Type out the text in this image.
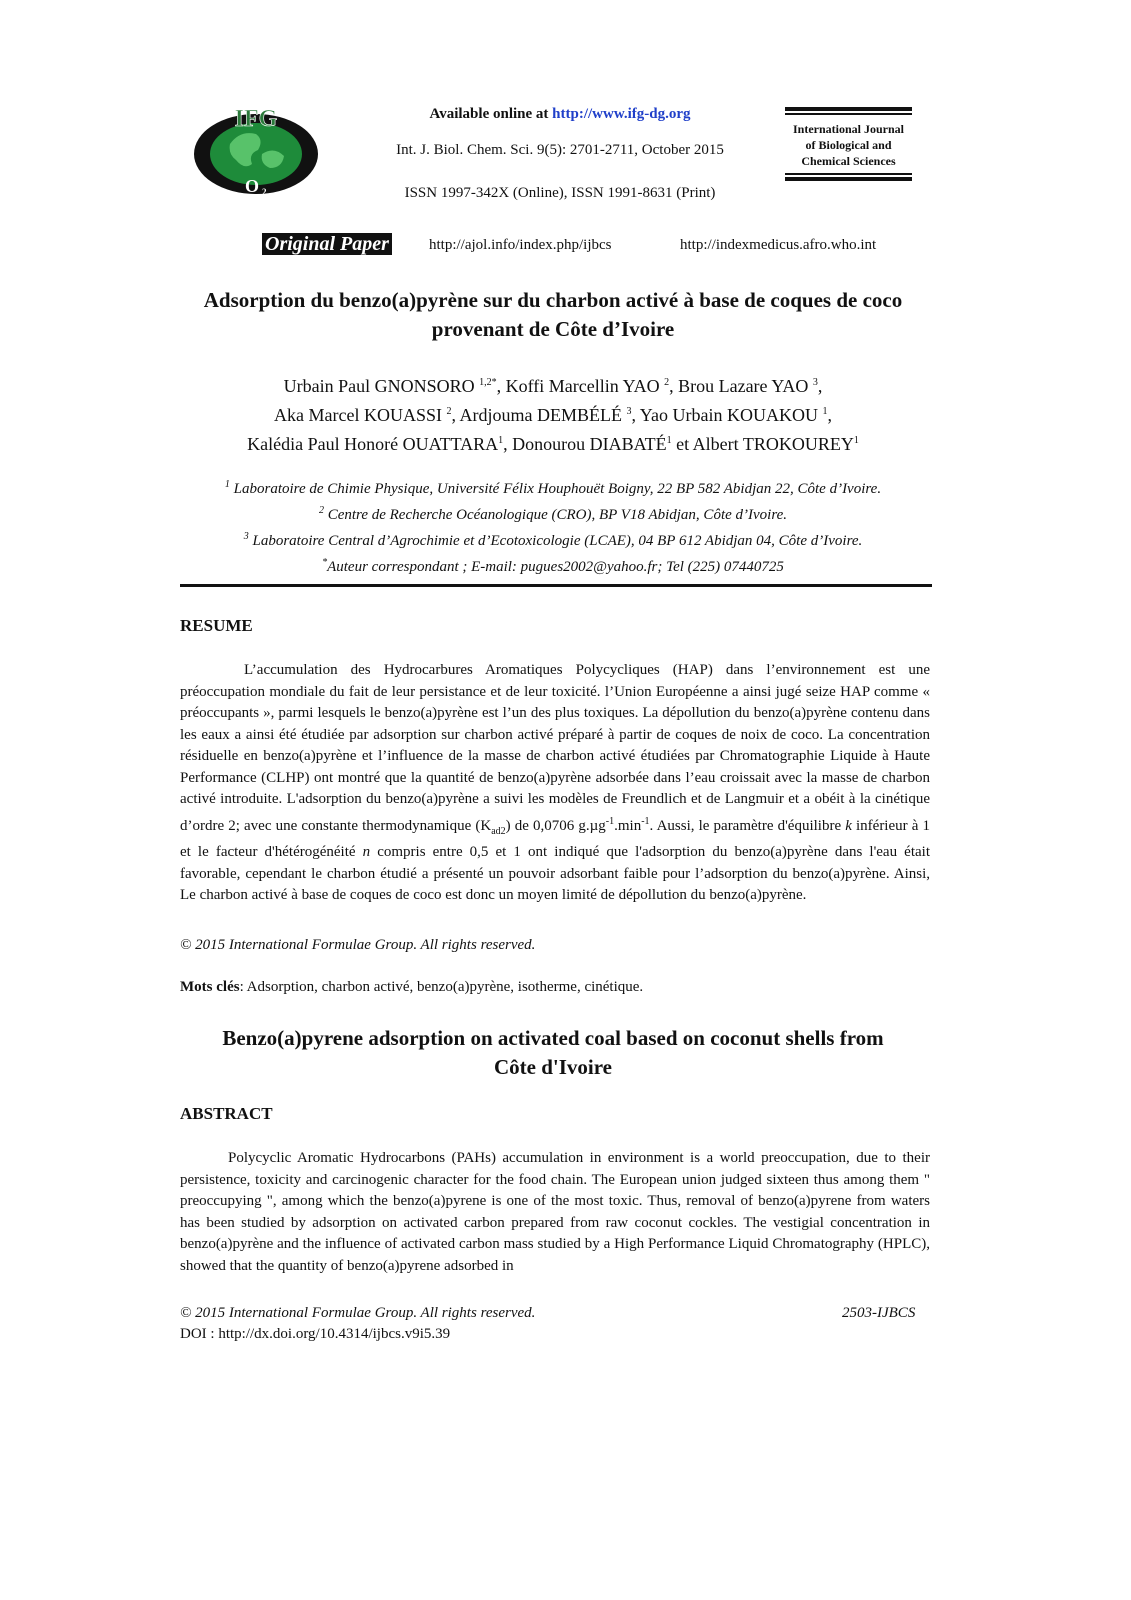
IFG
O 2
Available online at http://www.ifg-dg.org
Int. J. Biol. Chem. Sci. 9(5): 2701-2711, October 2015
ISSN 1997-342X (Online), ISSN 1991-8631 (Print)
International Journal
of Biological and
Chemical Sciences
Original Paper	http://ajol.info/index.php/ijbcs	http://indexmedicus.afro.who.int
Adsorption du benzo(a)pyrène sur du charbon activé à base de coques de coco
provenant de Côte d’Ivoire
Urbain Paul GNONSORO $^{1,2*}$, Koffi Marcellin YAO $^2$, Brou Lazare YAO $^3$,
Aka Marcel KOUASSI $^2$, Ardjouma DEMBÉLÉ $^3$, Yao Urbain KOUAKOU $^1$,
Kalédia Paul Honoré OUATTARA$^1$, Donourou DIABATÉ$^1$ et Albert TROKOUREY$^1$
$^1$ Laboratoire de Chimie Physique, Université Félix Houphouët Boigny, 22 BP 582 Abidjan 22, Côte d’Ivoire.
$^2$ Centre de Recherche Océanologique (CRO), BP V18 Abidjan, Côte d’Ivoire.
$^3$ Laboratoire Central d’Agrochimie et d’Ecotoxicologie (LCAE), 04 BP 612 Abidjan 04, Côte d’Ivoire.
*Auteur correspondant ; E-mail: pugues2002@yahoo.fr; Tel (225) 07440725
RESUME
L’accumulation des Hydrocarbures Aromatiques Polycycliques (HAP) dans l’environnement est une préoccupation mondiale du fait de leur persistance et de leur toxicité. l’Union Européenne a ainsi jugé seize HAP comme « préoccupants », parmi lesquels le benzo(a)pyrène est l’un des plus toxiques. La dépollution du benzo(a)pyrène contenu dans les eaux a ainsi été étudiée par adsorption sur charbon activé préparé à partir de coques de noix de coco. La concentration résiduelle en benzo(a)pyrène et l’influence de la masse de charbon activé étudiées par Chromatographie Liquide à Haute Performance (CLHP) ont montré que la quantité de benzo(a)pyrène adsorbée dans l’eau croissait avec la masse de charbon activé introduite. L'adsorption du benzo(a)pyrène a suivi les modèles de Freundlich et de Langmuir et a obéit à la cinétique d’ordre 2; avec une constante thermodynamique $(K_{ad2})$ de 0,0706 $g.\mu g^{-1}.\min^{-1}$. Aussi, le paramètre d'équilibre k inférieur à 1 et le facteur d'hétérogénéité n compris entre 0,5 et 1 ont indiqué que l'adsorption du benzo(a)pyrène dans l'eau était favorable, cependant le charbon étudié a présenté un pouvoir adsorbant faible pour l’adsorption du benzo(a)pyrène. Ainsi, Le charbon activé à base de coques de coco est donc un moyen limité de dépollution du benzo(a)pyrène.
© 2015 International Formulae Group. All rights reserved.
Mots clés: Adsorption, charbon activé, benzo(a)pyrène, isotherme, cinétique.
Benzo(a)pyrene adsorption on activated coal based on coconut shells from
Côte d'Ivoire
ABSTRACT
Polycyclic Aromatic Hydrocarbons (PAHs) accumulation in environment is a world preoccupation, due to their persistence, toxicity and carcinogenic character for the food chain. The European union judged sixteen thus among them " preoccupying ", among which the benzo(a)pyrene is one of the most toxic. Thus, removal of benzo(a)pyrene from waters has been studied by adsorption on activated carbon prepared from raw coconut cockles. The vestigial concentration in benzo(a)pyrène and the influence of activated carbon mass studied by a High Performance Liquid Chromatography (HPLC), showed that the quantity of benzo(a)pyrene adsorbed in
© 2015 International Formulae Group. All rights reserved.	2503-IJBCS
DOI : http://dx.doi.org/10.4314/ijbcs.v9i5.39
